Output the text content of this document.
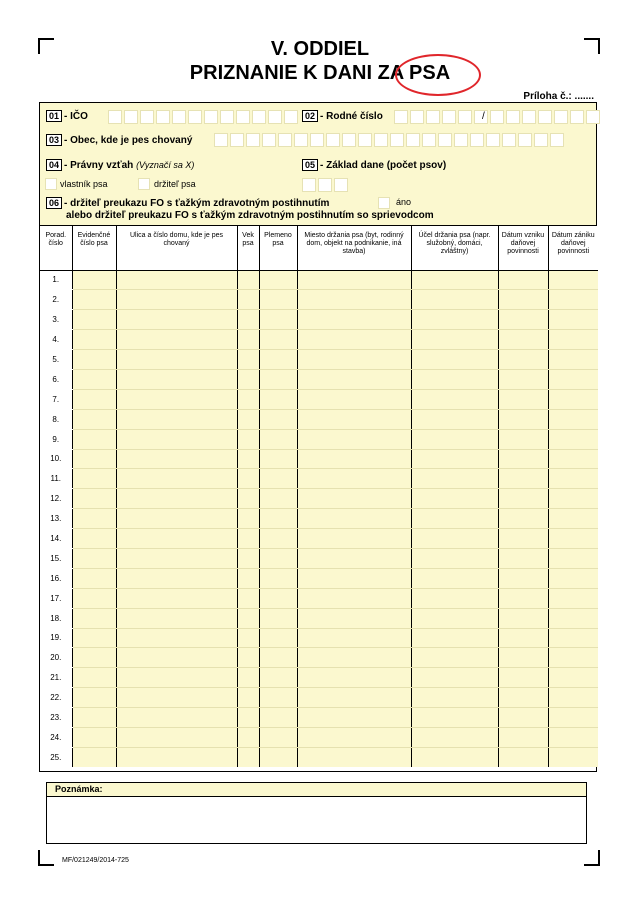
V. ODDIEL
PRIZNANIE K DANI ZA PSA
Príloha č.: .......
01 - IČO	02 - Rodné číslo	/
03 - Obec, kde je pes chovaný
04 - Právny vzťah (Vyznačí sa X)
vlastník psa	držiteľ psa
05 - Základ dane (počet psov)
06 - držiteľ preukazu FO s ťažkým zdravotným postihnutím
alebo držiteľ preukazu FO s ťažkým zdravotným postihnutím so sprievodcom
áno
Porad. číslo	Evidenčné číslo psa	Ulica a číslo domu, kde je pes chovaný	Vek psa	Plemeno psa	Miesto držania psa (byt, rodinný dom, objekt na podnikanie, iná stavba)	Účel držania psa (napr. služobný, domáci, zvláštny)	Dátum vzniku daňovej povinnosti	Dátum zániku daňovej povinnosti
1.								
2.								
3.								
4.								
5.								
6.								
7.								
8.								
9.								
10.								
11.								
12.								
13.								
14.								
15.								
16.								
17.								
18.								
19.								
20.								
21.								
22.								
23.								
24.								
25.								
Poznámka:
MF/021249/2014-725
